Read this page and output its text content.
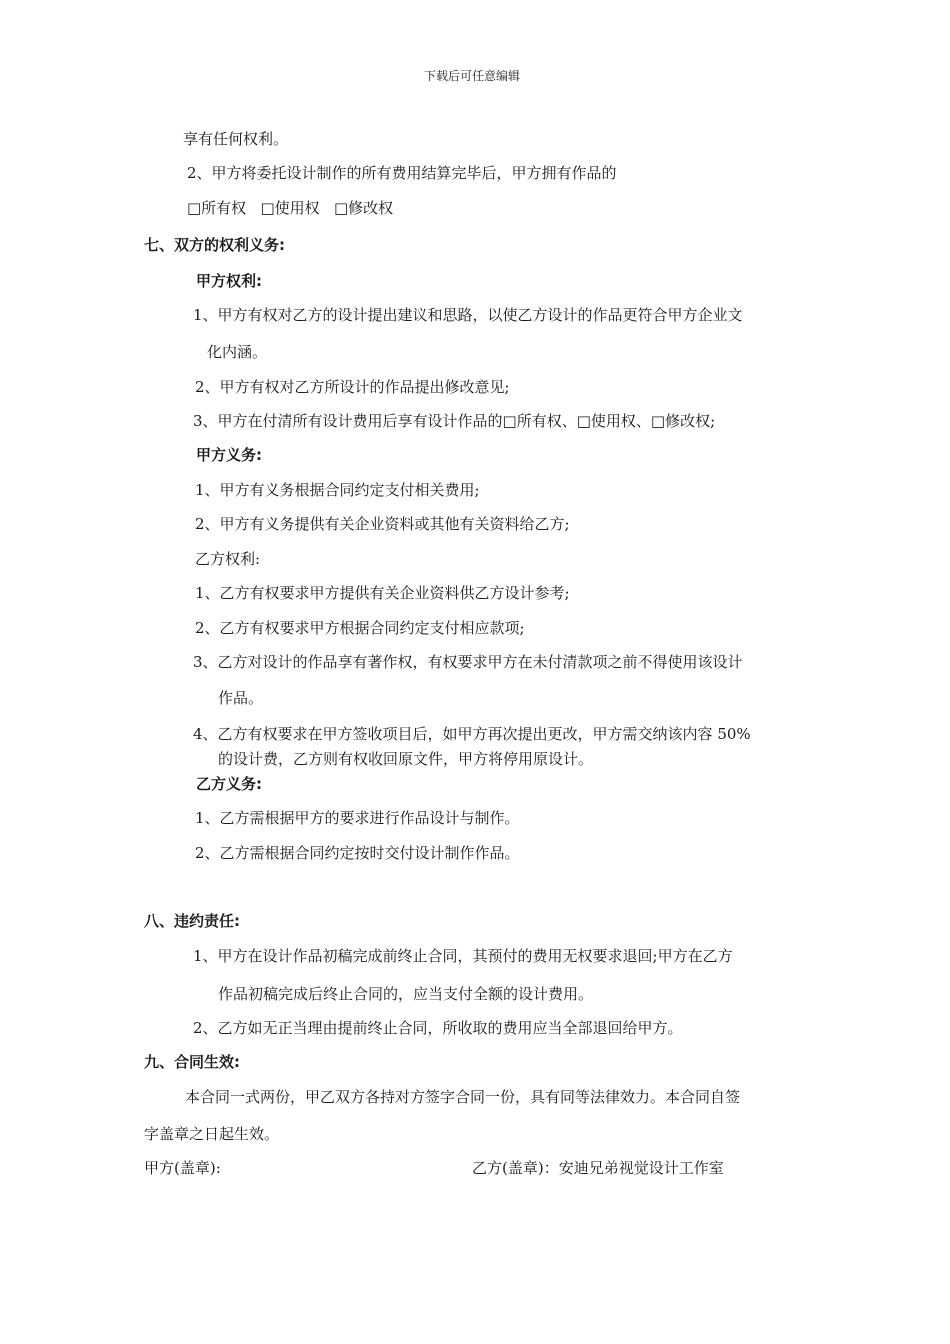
下载后可任意编辑
享有任何权利。
2、甲方将委托设计制作的所有费用结算完毕后，甲方拥有作品的
□所有权   □使用权   □修改权
七、双方的权利义务:
甲方权利:
1、甲方有权对乙方的设计提出建议和思路，以使乙方设计的作品更符合甲方企业文
化内涵。
2、甲方有权对乙方所设计的作品提出修改意见;
3、甲方在付清所有设计费用后享有设计作品的□所有权、□使用权、□修改权;
甲方义务:
1、甲方有义务根据合同约定支付相关费用;
2、甲方有义务提供有关企业资料或其他有关资料给乙方;
乙方权利:
1、乙方有权要求甲方提供有关企业资料供乙方设计参考;
2、乙方有权要求甲方根据合同约定支付相应款项;
3、乙方对设计的作品享有著作权，有权要求甲方在未付清款项之前不得使用该设计
作品。
4、乙方有权要求在甲方签收项目后，如甲方再次提出更改，甲方需交纳该内容 50%
的设计费，乙方则有权收回原文件，甲方将停用原设计。
乙方义务:
1、乙方需根据甲方的要求进行作品设计与制作。
2、乙方需根据合同约定按时交付设计制作作品。
八、违约责任:
1、甲方在设计作品初稿完成前终止合同，其预付的费用无权要求退回;甲方在乙方
作品初稿完成后终止合同的，应当支付全额的设计费用。
2、乙方如无正当理由提前终止合同，所收取的费用应当全部退回给甲方。
九、合同生效:
本合同一式两份，甲乙双方各持对方签字合同一份，具有同等法律效力。本合同自签
字盖章之日起生效。
甲方(盖章):	乙方(盖章)：安迪兄弟视觉设计工作室
